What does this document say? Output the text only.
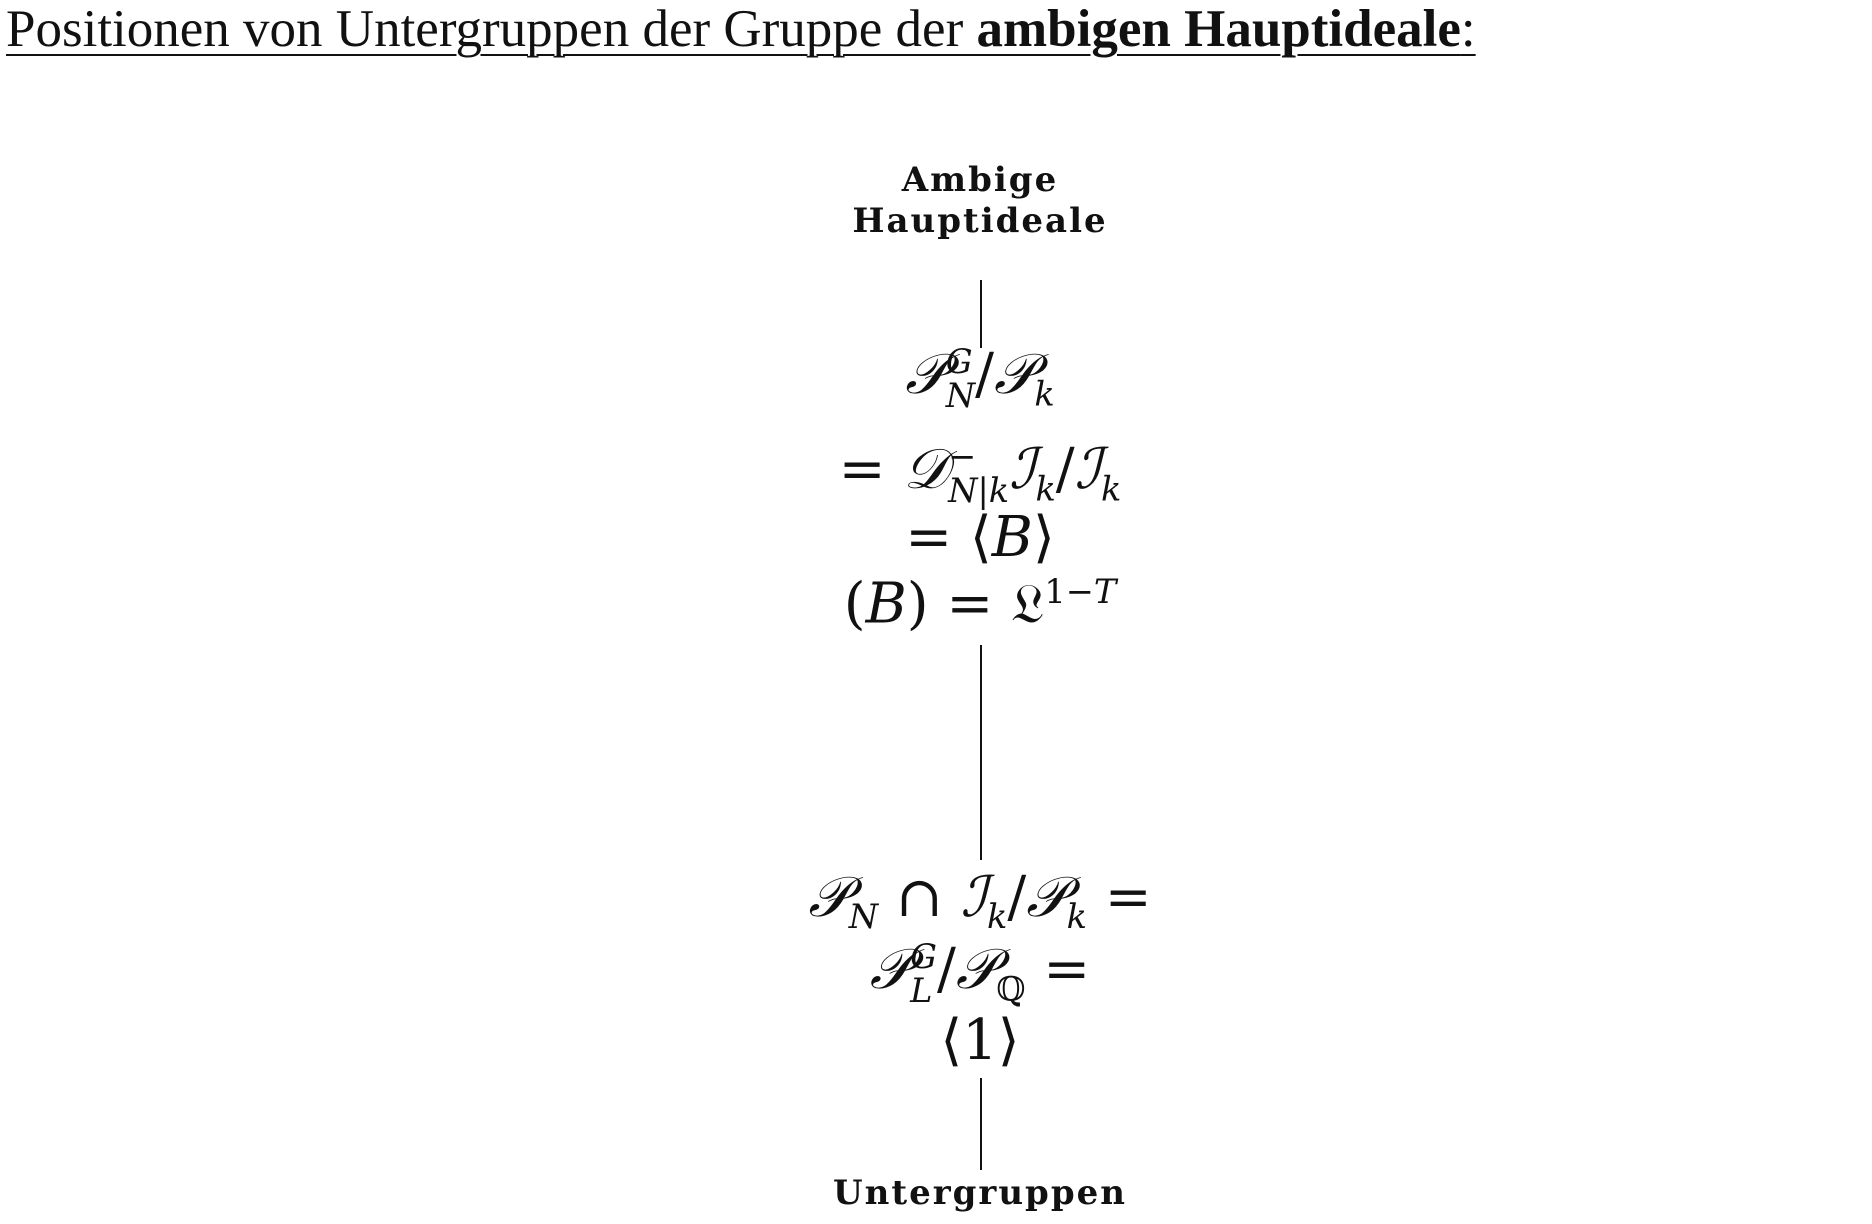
Positionen von Untergruppen der Gruppe der ambigen Hauptideale:
Ambige
Hauptideale
𝒫 G
N /𝒫$_k$
= 𝒟 −
N|k ℐ$_k$/ℐ$_k$
= ⟨B⟩
(B) = 𝔏$^{1-T}$
𝒫$_N$ ∩ ℐ$_k$/𝒫$_k$ =
𝒫 G
L /𝒫$_ℚ$ =
⟨1⟩
Untergruppen
